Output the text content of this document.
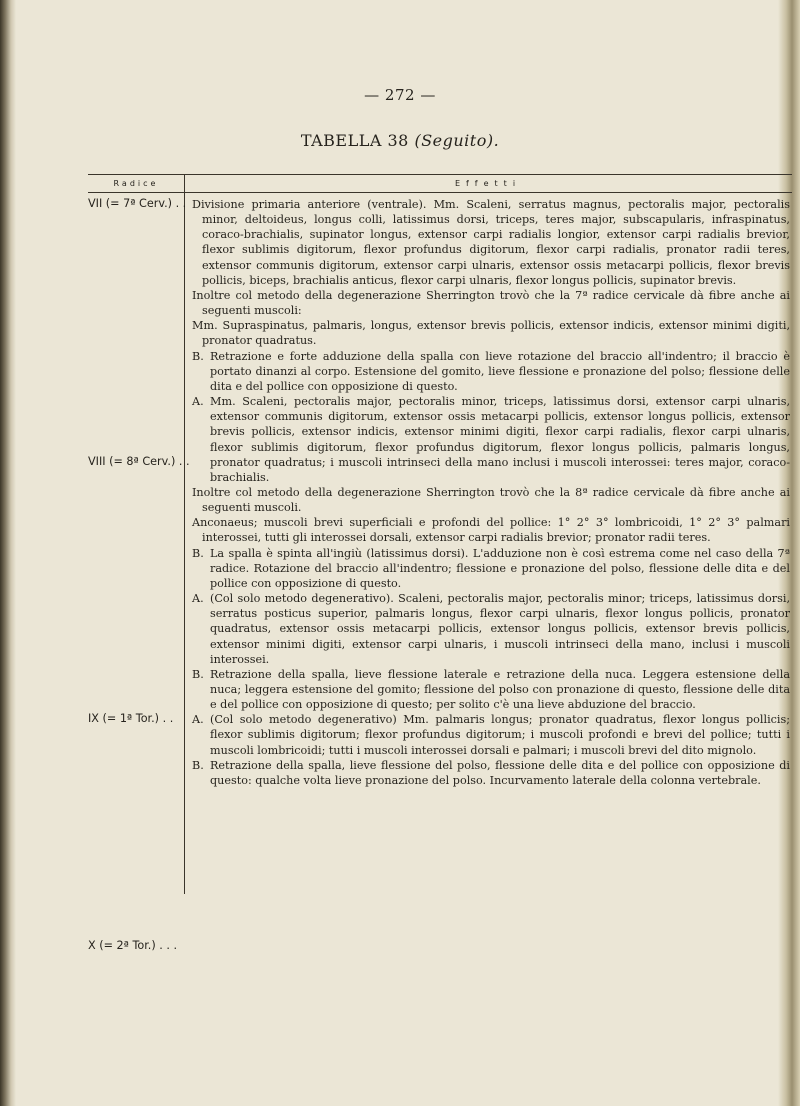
— 272 —
TABELLA 38 (Seguito).
Radice	Effetti
VII (= 7ª Cerv.) . .
VIII (= 8ª Cerv.) . .
IX (= 1ª Tor.) . .
X (= 2ª Tor.) . . .

Divisione primaria anteriore (ventrale). Mm. Scaleni, serratus magnus, pectoralis major, pectoralis minor, deltoideus, longus colli, latissimus dorsi, triceps, teres major, subscapularis, infraspinatus, coraco-brachialis, supinator longus, extensor carpi radialis longior, extensor carpi radialis brevior, flexor sublimis digitorum, flexor profundus digitorum, flexor carpi radialis, pronator radii teres, extensor communis digitorum, extensor carpi ulnaris, extensor ossis metacarpi pollicis, flexor brevis pollicis, biceps, brachialis anticus, flexor carpi ulnaris, flexor longus pollicis, supinator brevis.

Inoltre col metodo della degenerazione Sherrington trovò che la 7ª radice cervicale dà fibre anche ai seguenti muscoli:

Mm. Supraspinatus, palmaris, longus, extensor brevis pollicis, extensor indicis, extensor minimi digiti, pronator quadratus.

B. Retrazione e forte adduzione della spalla con lieve rotazione del braccio all'indentro; il braccio è portato dinanzi al corpo. Estensione del gomito, lieve flessione e pronazione del polso; flessione delle dita e del pollice con opposizione di questo.

A. Mm. Scaleni, pectoralis major, pectoralis minor, triceps, latissimus dorsi, extensor carpi ulnaris, extensor communis digitorum, extensor ossis metacarpi pollicis, extensor longus pollicis, extensor brevis pollicis, extensor indicis, extensor minimi digiti, flexor carpi radialis, flexor carpi ulnaris, flexor sublimis digitorum, flexor profundus digitorum, flexor longus pollicis, palmaris longus, pronator quadratus; i muscoli intrinseci della mano inclusi i muscoli interossei: teres major, coraco-brachialis.

Inoltre col metodo della degenerazione Sherrington trovò che la 8ª radice cervicale dà fibre anche ai seguenti muscoli.

Anconaeus; muscoli brevi superficiali e profondi del pollice: 1° 2° 3° lombricoidi, 1° 2° 3° palmari interossei, tutti gli interossei dorsali, extensor carpi radialis brevior; pronator radii teres.

B. La spalla è spinta all'ingiù (latissimus dorsi). L'adduzione non è così estrema come nel caso della 7ª radice. Rotazione del braccio all'indentro; flessione e pronazione del polso, flessione delle dita e del pollice con opposizione di questo.

A. (Col solo metodo degenerativo). Scaleni, pectoralis major, pectoralis minor; triceps, latissimus dorsi, serratus posticus superior, palmaris longus, flexor carpi ulnaris, flexor longus pollicis, pronator quadratus, extensor ossis metacarpi pollicis, extensor longus pollicis, extensor brevis pollicis, extensor minimi digiti, extensor carpi ulnaris, i muscoli intrinseci della mano, inclusi i muscoli interossei.

B. Retrazione della spalla, lieve flessione laterale e retrazione della nuca. Leggera estensione della nuca; leggera estensione del gomito; flessione del polso con pronazione di questo, flessione delle dita e del pollice con opposizione di questo; per solito c'è una lieve abduzione del braccio.

A. (Col solo metodo degenerativo) Mm. palmaris longus; pronator quadratus, flexor longus pollicis; flexor sublimis digitorum; flexor profundus digitorum; i muscoli profondi e brevi del pollice; tutti i muscoli lombricoidi; tutti i muscoli interossei dorsali e palmari; i muscoli brevi del dito mignolo.

B. Retrazione della spalla, lieve flessione del polso, flessione delle dita e del pollice con opposizione di questo: qualche volta lieve pronazione del polso. Incurvamento laterale della colonna vertebrale.
